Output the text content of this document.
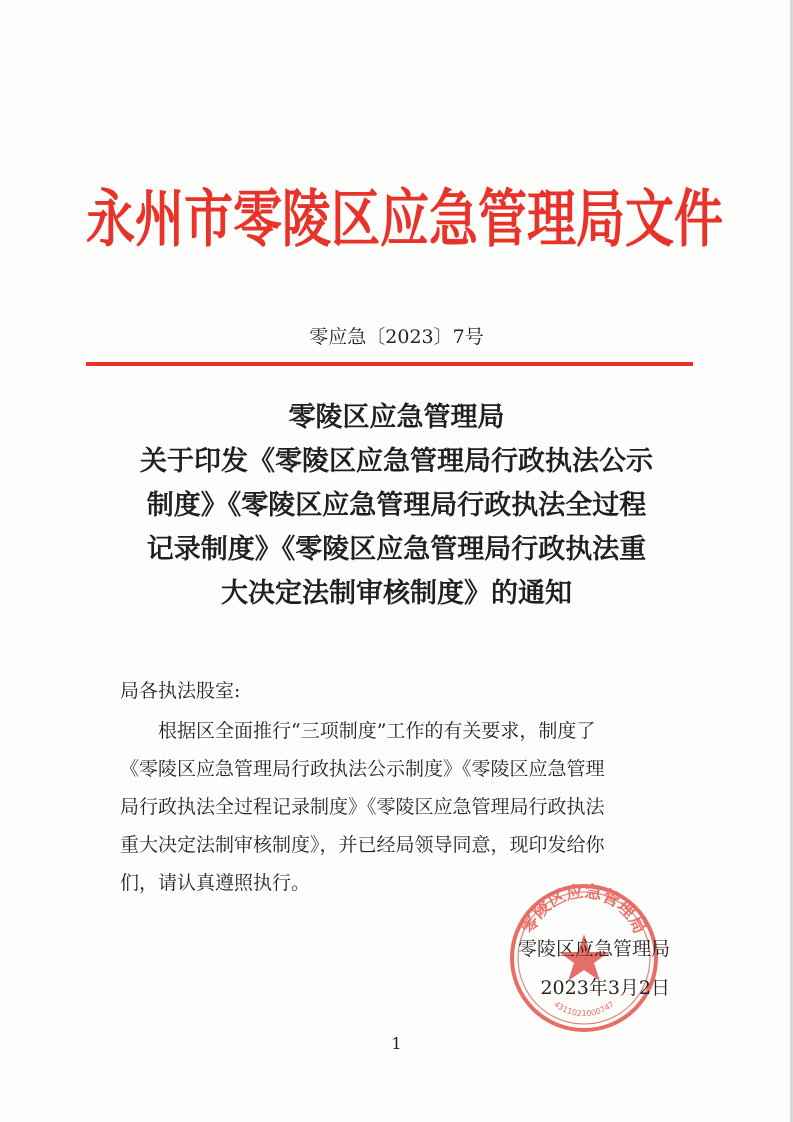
永州市零陵区应急管理局文件
零应急〔2023〕7号
零陵区应急管理局
关于印发《零陵区应急管理局行政执法公示
制度》《零陵区应急管理局行政执法全过程
记录制度》《零陵区应急管理局行政执法重
大决定法制审核制度》的通知
局各执法股室:
根据区全面推行“三项制度”工作的有关要求，制度了
《零陵区应急管理局行政执法公示制度》《零陵区应急管理
局行政执法全过程记录制度》《零陵区应急管理局行政执法
重大决定法制审核制度》，并已经局领导同意，现印发给你
们，请认真遵照执行。
零陵区应急管理局
4311021000747
零陵区应急管理局
2023年3月2日
1
